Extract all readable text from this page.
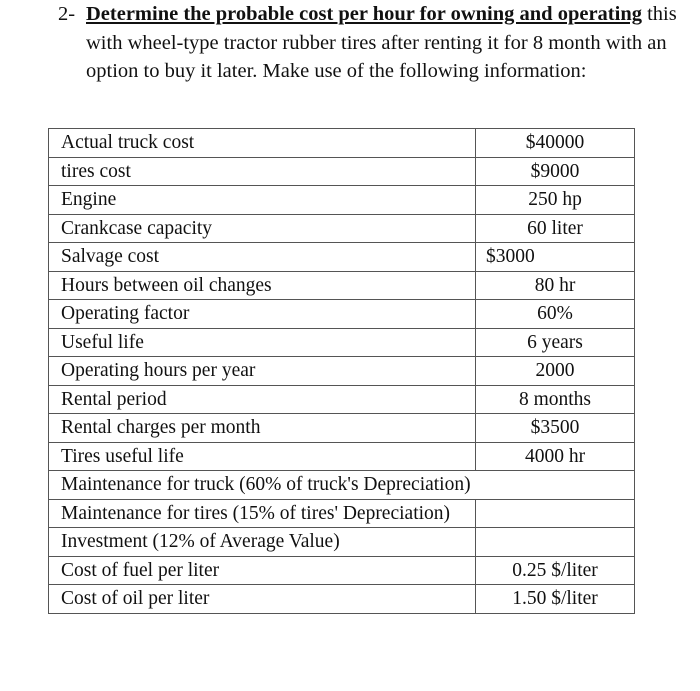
2- Determine the probable cost per hour for owning and operating this
with wheel-type tractor rubber tires after renting it for 8 month with an
option to buy it later. Make use of the following information:
Actual truck cost	$40000
tires cost	$9000
Engine	250 hp
Crankcase capacity	60 liter
Salvage cost	$3000
Hours between oil changes	80 hr
Operating factor	60%
Useful life	6 years
Operating hours per year	2000
Rental period	8 months
Rental charges per month	$3500
Tires useful life	4000 hr
Maintenance for truck (60% of truck's Depreciation)	
Maintenance for tires (15% of tires' Depreciation)	
Investment (12% of Average Value)	
Cost of fuel per liter	0.25 $/liter
Cost of oil per liter	1.50 $/liter
